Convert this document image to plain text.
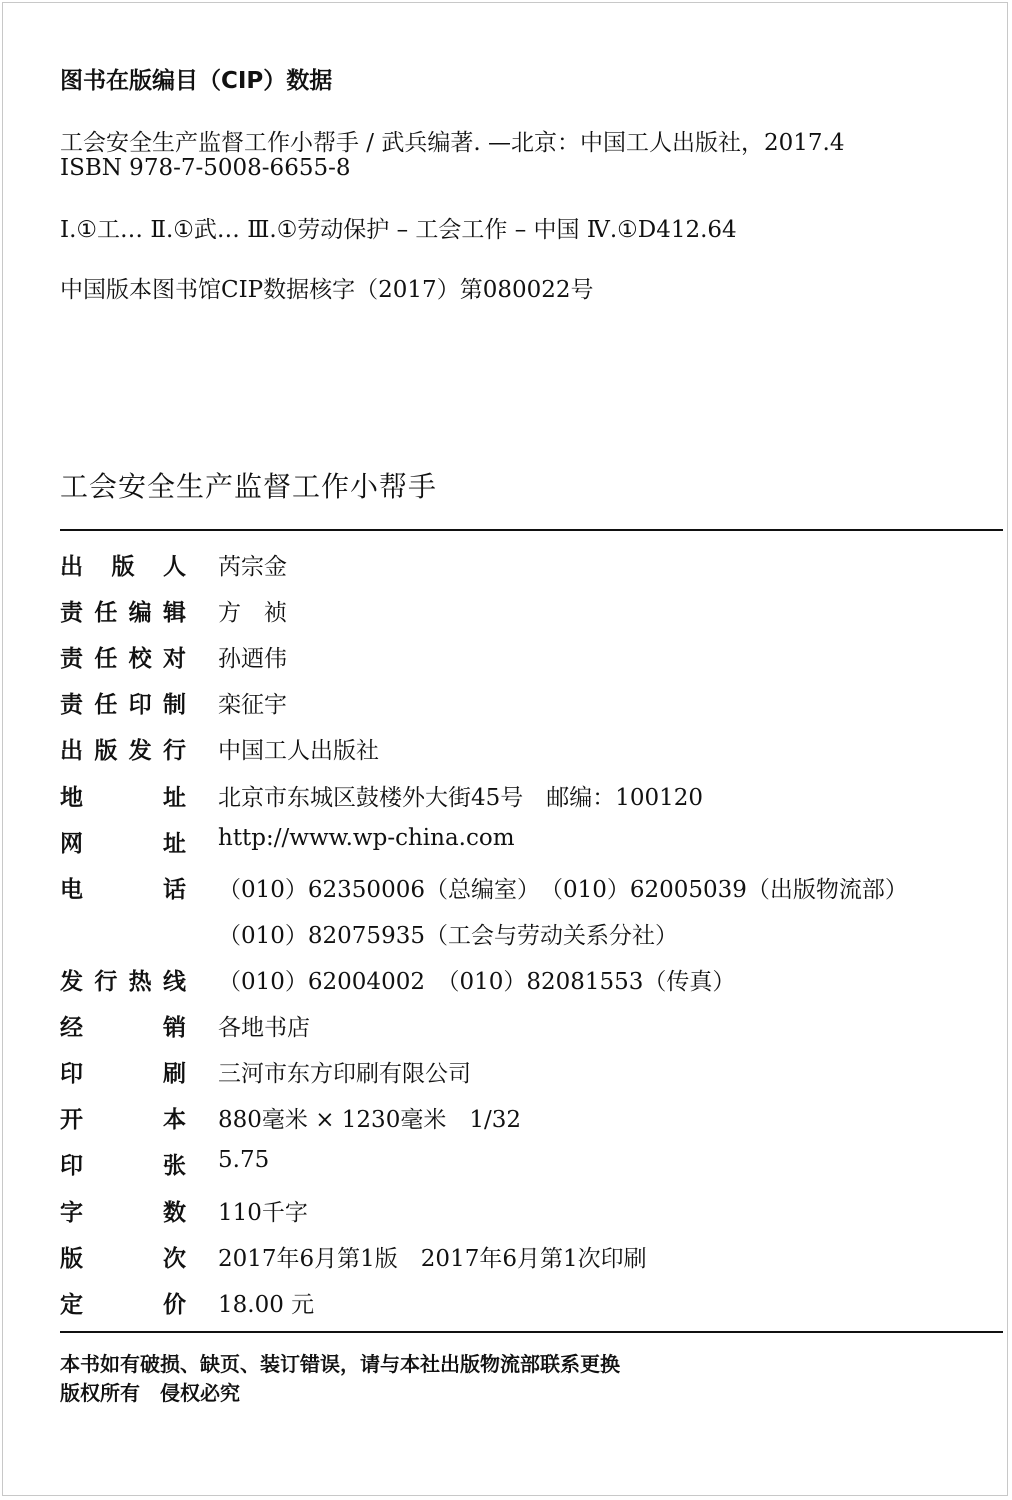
图书在版编目（CIP）数据
工会安全生产监督工作小帮手 / 武兵编著. —北京：中国工人出版社，2017.4
ISBN 978-7-5008-6655-8
Ⅰ.①工… Ⅱ.①武… Ⅲ.①劳动保护 – 工会工作 – 中国 Ⅳ.①D412.64
中国版本图书馆CIP数据核字（2017）第080022号
工会安全生产监督工作小帮手
出 版 人 芮宗金
责 任 编 辑 方　祯
责 任 校 对 孙迺伟
责 任 印 制 栾征宇
出 版 发 行 中国工人出版社
地	址 北京市东城区鼓楼外大街45号　邮编：100120
网	址 http://www.wp-china.com
电	话 （010）62350006（总编室）　（010）62005039（出版物流部）
（010）82075935（工会与劳动关系分社）
发 行 热 线 （010）62004002　（010）82081553（传真）
经	销 各地书店
印	刷 三河市东方印刷有限公司
开	本 880毫米 × 1230毫米　1/32
印	张 5.75
字	数 110千字
版	次 2017年6月第1版　2017年6月第1次印刷
定	价 18.00 元
本书如有破损、缺页、装订错误，请与本社出版物流部联系更换
版权所有　侵权必究
